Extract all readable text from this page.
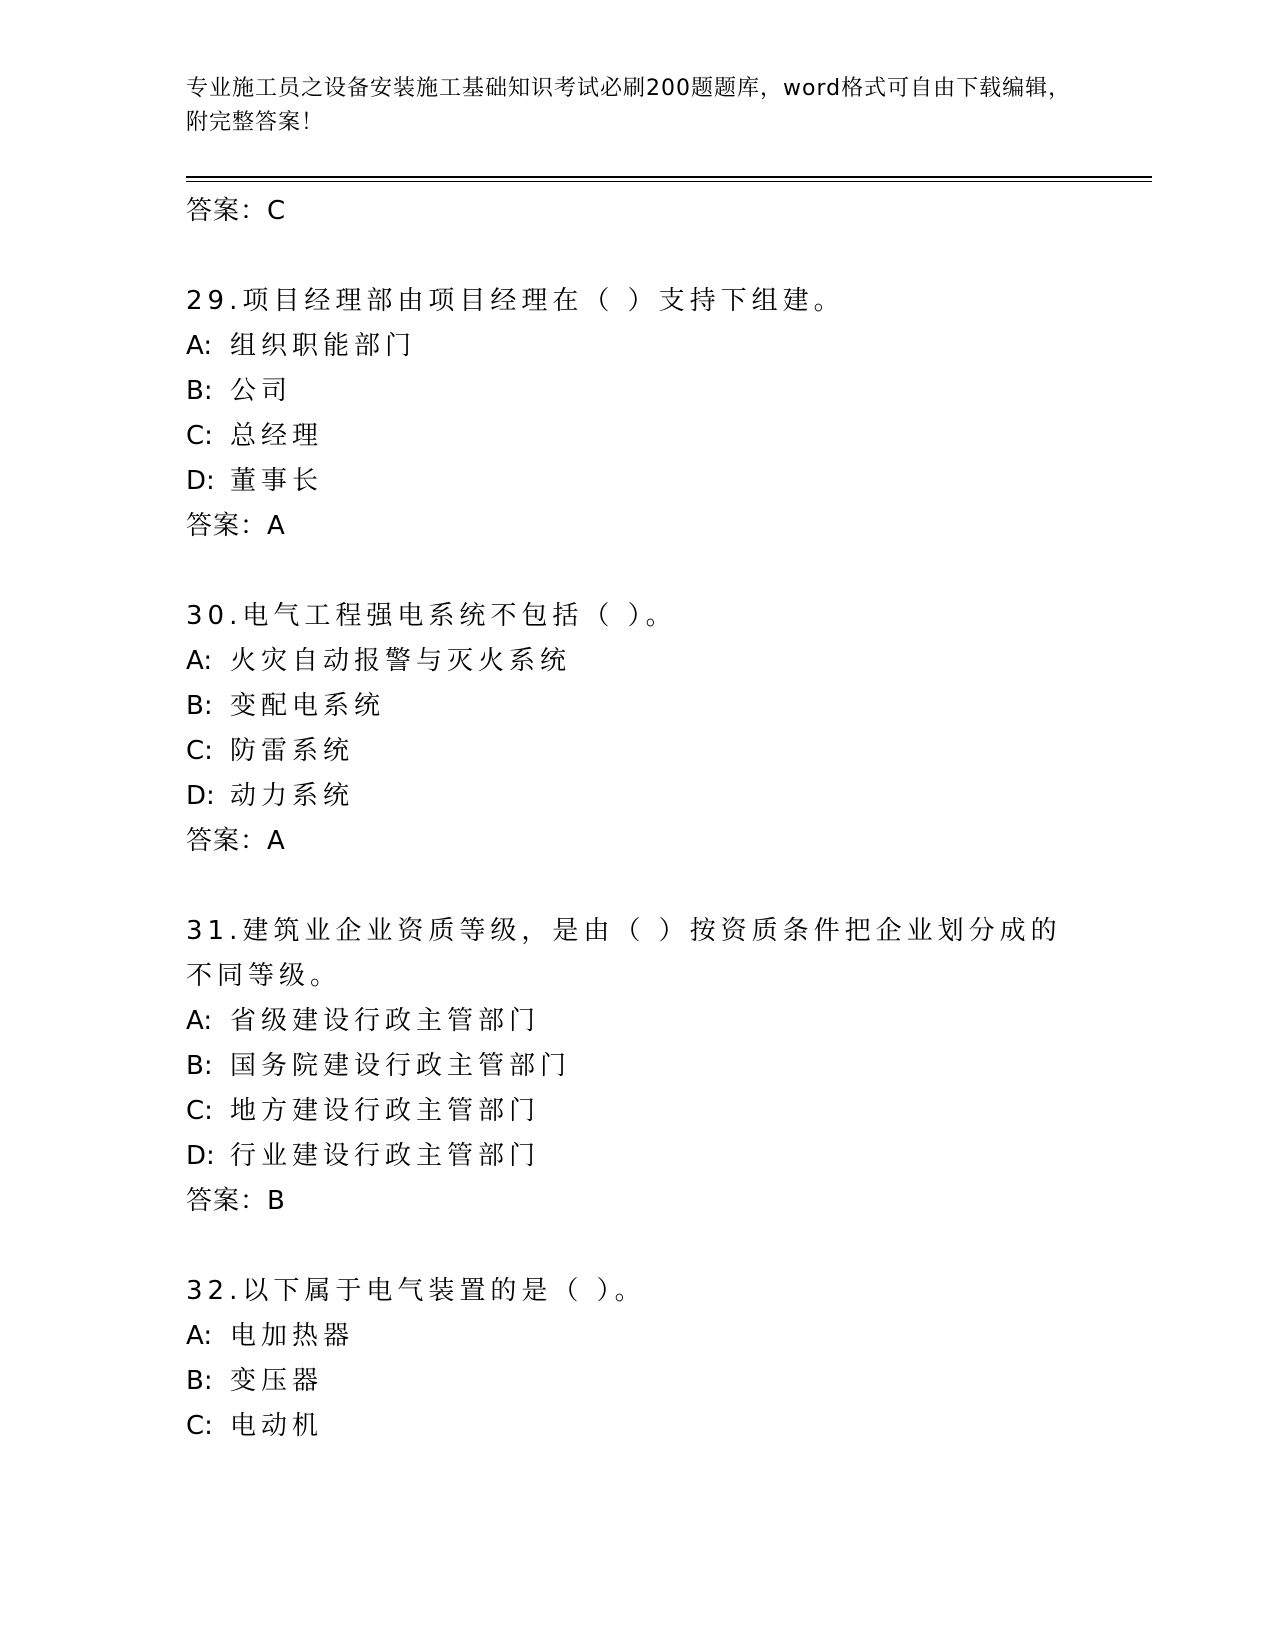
专业施工员之设备安装施工基础知识考试必刷200题题库，word格式可自由下载编辑，附完整答案！
答案：C
29.项目经理部由项目经理在（ ）支持下组建。
A: 组织职能部门
B: 公司
C: 总经理
D: 董事长
答案：A
30.电气工程强电系统不包括（ ）。
A: 火灾自动报警与灭火系统
B: 变配电系统
C: 防雷系统
D: 动力系统
答案：A
31.建筑业企业资质等级，是由（ ）按资质条件把企业划分成的不同等级。
A: 省级建设行政主管部门
B: 国务院建设行政主管部门
C: 地方建设行政主管部门
D: 行业建设行政主管部门
答案：B
32.以下属于电气装置的是（ ）。
A: 电加热器
B: 变压器
C: 电动机
